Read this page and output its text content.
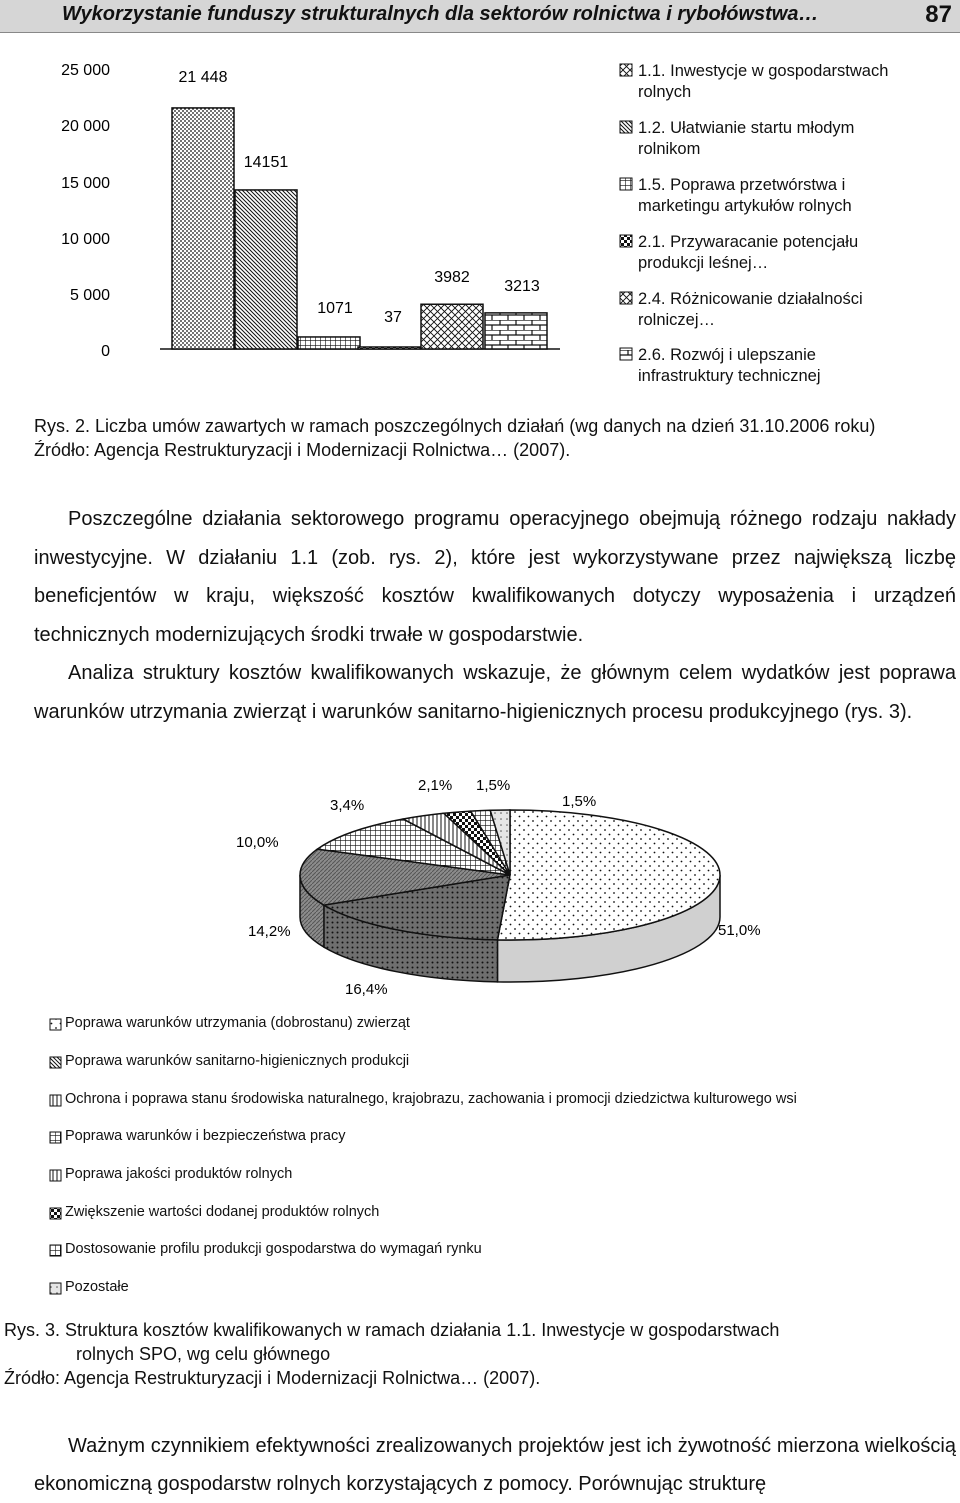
Wykorzystanie funduszy strukturalnych dla sektorów rolnictwa i rybołówstwa…	87
25 000
20 000
15 000
10 000
5 000
0
21 448
14151
1071
37
3982
3213
51,0%
16,4%
14,2%
10,0%
3,4%
2,1% 1,5%
1,5%
1.1. Inwestycje w gospodarstwach rolnych
1.2. Ułatwianie startu młodym rolnikom
1.5. Poprawa przetwórstwa i marketingu artykułów rolnych
2.1. Przywaracanie potencjału produkcji leśnej…
2.4. Różnicowanie działalności rolniczej…
2.6. Rozwój i ulepszanie infrastruktury technicznej
Rys. 2. Liczba umów zawartych w ramach poszczególnych działań (wg danych na dzień 31.10.2006 roku)
Źródło: Agencja Restrukturyzacji i Modernizacji Rolnictwa… (2007).

Poszczególne działania sektorowego programu operacyjnego obejmują różnego rodzaju nakłady inwestycyjne. W działaniu 1.1 (zob. rys. 2), które jest wykorzystywane przez największą liczbę beneficjentów w kraju, większość kosztów kwalifikowanych dotyczy wyposażenia i urządzeń technicznych modernizujących środki trwałe w gospodarstwie.

Analiza struktury kosztów kwalifikowanych wskazuje, że głównym celem wydatków jest poprawa warunków utrzymania zwierząt i warunków sanitarno-higienicznych procesu produkcyjnego (rys. 3).

Poprawa warunków utrzymania (dobrostanu) zwierząt
Poprawa warunków sanitarno-higienicznych produkcji
Ochrona i poprawa stanu środowiska naturalnego, krajobrazu, zachowania i promocji dziedzictwa kulturowego wsi
Poprawa warunków i bezpieczeństwa pracy
Poprawa jakości produktów rolnych
Zwiększenie wartości dodanej produktów rolnych
Dostosowanie profilu produkcji gospodarstwa do wymagań rynku
Pozostałe
Rys. 3. Struktura kosztów kwalifikowanych w ramach działania 1.1. Inwestycje w gospodarstwach
rolnych SPO, wg celu głównego
Źródło: Agencja Restrukturyzacji i Modernizacji Rolnictwa… (2007).

Ważnym czynnikiem efektywności zrealizowanych projektów jest ich żywotność mierzona wielkością ekonomiczną gospodarstw rolnych korzystających z pomocy. Porównując strukturę
